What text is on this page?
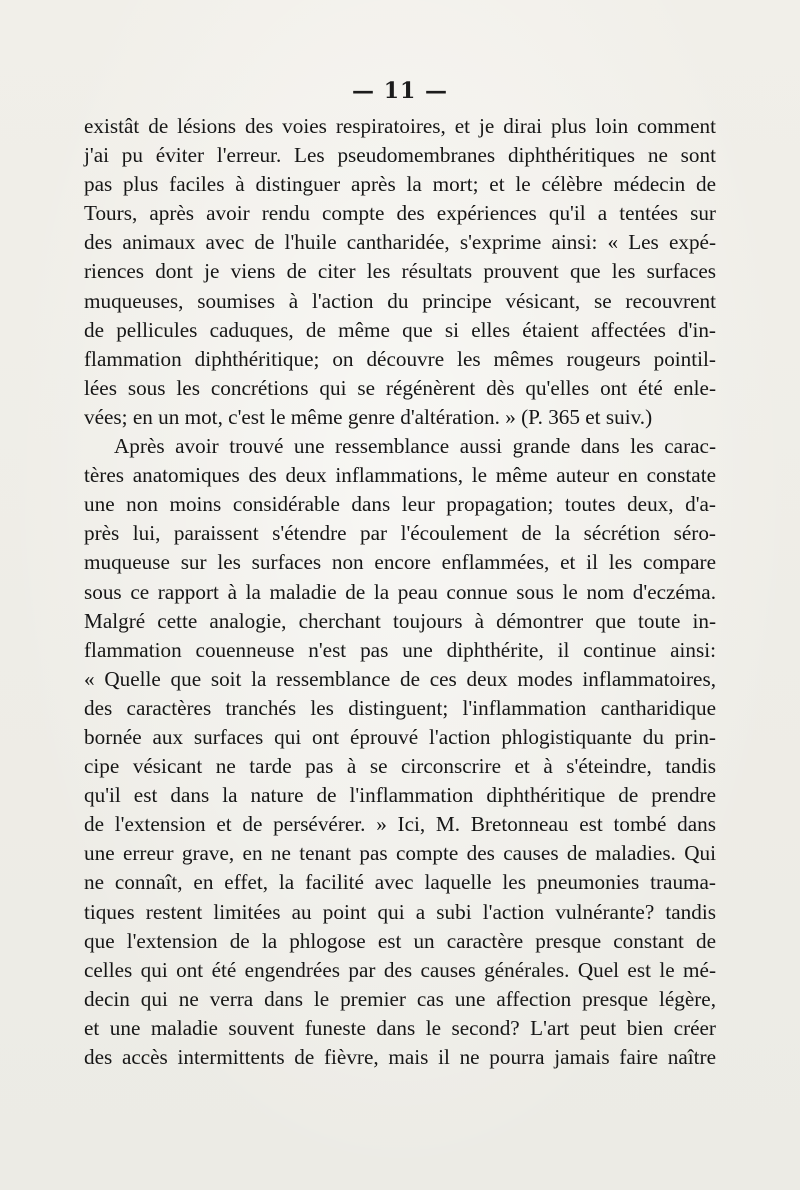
— 11 —
existât de lésions des voies respiratoires, et je dirai plus loin comment
j'ai pu éviter l'erreur. Les pseudomembranes diphthéritiques ne sont
pas plus faciles à distinguer après la mort; et le célèbre médecin de
Tours, après avoir rendu compte des expériences qu'il a tentées sur
des animaux avec de l'huile cantharidée, s'exprime ainsi: « Les expé-
riences dont je viens de citer les résultats prouvent que les surfaces
muqueuses, soumises à l'action du principe vésicant, se recouvrent
de pellicules caduques, de même que si elles étaient affectées d'in-
flammation diphthéritique; on découvre les mêmes rougeurs pointil-
lées sous les concrétions qui se régénèrent dès qu'elles ont été enle-
vées; en un mot, c'est le même genre d'altération. » (P. 365 et suiv.)
Après avoir trouvé une ressemblance aussi grande dans les carac-
tères anatomiques des deux inflammations, le même auteur en constate
une non moins considérable dans leur propagation; toutes deux, d'a-
près lui, paraissent s'étendre par l'écoulement de la sécrétion séro-
muqueuse sur les surfaces non encore enflammées, et il les compare
sous ce rapport à la maladie de la peau connue sous le nom d'eczéma.
Malgré cette analogie, cherchant toujours à démontrer que toute in-
flammation couenneuse n'est pas une diphthérite, il continue ainsi:
« Quelle que soit la ressemblance de ces deux modes inflammatoires,
des caractères tranchés les distinguent; l'inflammation cantharidique
bornée aux surfaces qui ont éprouvé l'action phlogistiquante du prin-
cipe vésicant ne tarde pas à se circonscrire et à s'éteindre, tandis
qu'il est dans la nature de l'inflammation diphthéritique de prendre
de l'extension et de persévérer. » Ici, M. Bretonneau est tombé dans
une erreur grave, en ne tenant pas compte des causes de maladies. Qui
ne connaît, en effet, la facilité avec laquelle les pneumonies trauma-
tiques restent limitées au point qui a subi l'action vulnérante? tandis
que l'extension de la phlogose est un caractère presque constant de
celles qui ont été engendrées par des causes générales. Quel est le mé-
decin qui ne verra dans le premier cas une affection presque légère,
et une maladie souvent funeste dans le second? L'art peut bien créer
des accès intermittents de fièvre, mais il ne pourra jamais faire naître
